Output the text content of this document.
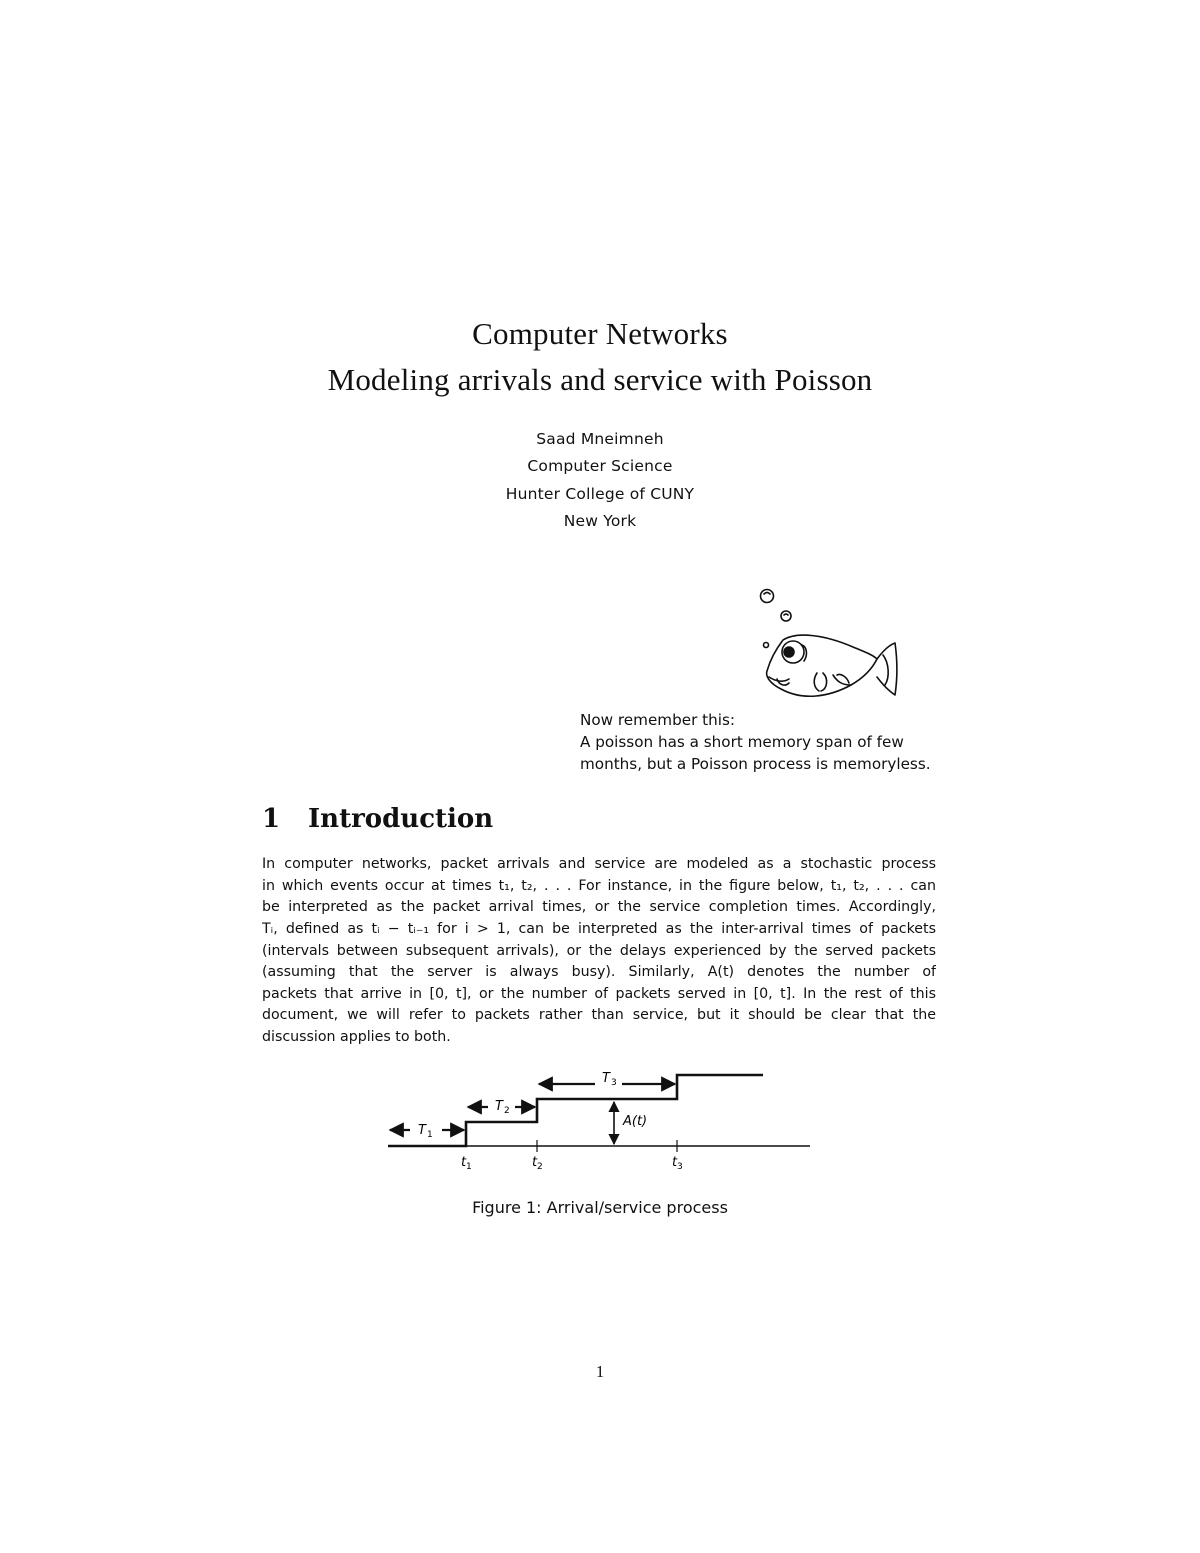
Computer Networks
Modeling arrivals and service with Poisson
Saad Mneimneh
Computer Science
Hunter College of CUNY
New York
Now remember this:
A poisson has a short memory span of few
months, but a Poisson process is memoryless.
1 Introduction
In computer networks, packet arrivals and service are modeled as a stochastic process
in which events occur at times t₁, t₂, . . . For instance, in the figure below, t₁, t₂, . . . can
be interpreted as the packet arrival times, or the service completion times. Accordingly,
Tᵢ, defined as tᵢ − tᵢ₋₁ for i > 1, can be interpreted as the inter-arrival times of packets
(intervals between subsequent arrivals), or the delays experienced by the served packets
(assuming that the server is always busy). Similarly, A(t) denotes the number of
packets that arrive in [0, t], or the number of packets served in [0, t]. In the rest of this
document, we will refer to packets rather than service, but it should be clear that the
discussion applies to both.
T 1
T 2
T 3
A(t)
t 1	t 2	t 3
Figure 1: Arrival/service process
1
